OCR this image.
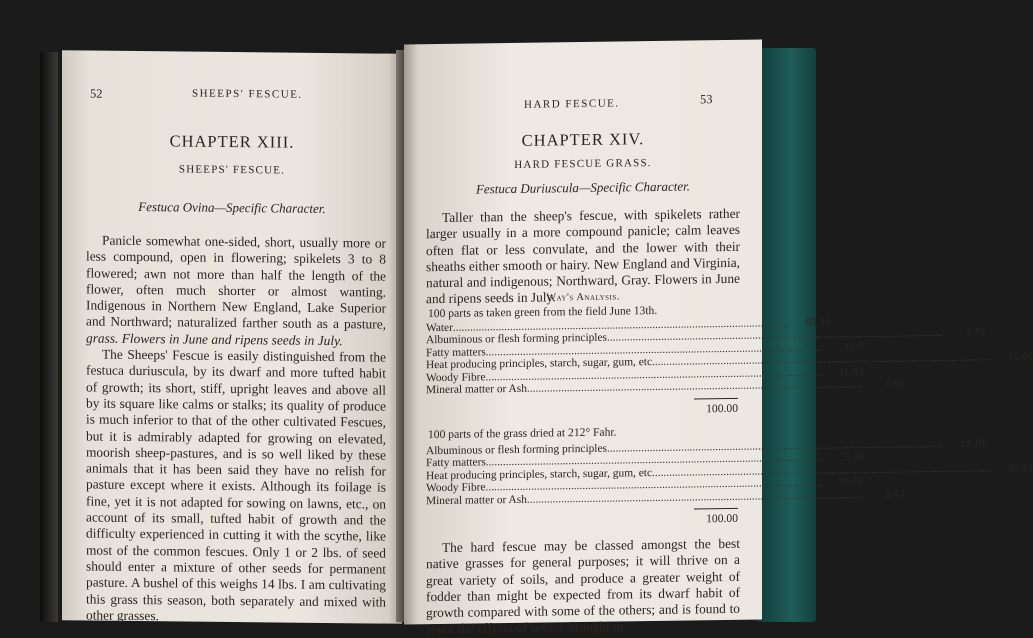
52	SHEEPS' FESCUE.
CHAPTER XIII.
SHEEPS' FESCUE.
Festuca Ovina—Specific Character.

Panicle somewhat one-sided, short, usually more or less compound, open in flowering; spikelets 3 to 8 flowered; awn not more than half the length of the flower, often much shorter or almost wanting. Indigenous in Northern New England, Lake Superior and Northward; naturalized farther south as a pasture, grass. Flowers in June and ripens seeds in July.

The Sheeps' Fescue is easily distinguished from the festuca duriuscula, by its dwarf and more tufted habit of growth; its short, stiff, upright leaves and above all by its square like calms or stalks; its quality of produce is much inferior to that of the other cultivated Fescues, but it is admirably adapted for growing on elevated, moorish sheep-pastures, and is so well liked by these animals that it has been said they have no relish for pasture except where it exists. Although its foilage is fine, yet it is not adapted for sowing on lawns, etc., on account of its small, tufted habit of growth and the difficulty experienced in cutting it with the scythe, like most of the common fescues. Only 1 or 2 lbs. of seed should enter a mixture of other seeds for permanent pasture. A bushel of this weighs 14 lbs. I am cultivating this grass this season, both separately and mixed with other grasses.

HARD FESCUE.	53
CHAPTER XIV.
HARD FESCUE GRASS.
Festuca Duriuscula—Specific Character.

Taller than the sheep's fescue, with spikelets rather larger usually in a more compound panicle; calm leaves often flat or less convulate, and the lower with their sheaths either smooth or hairy. New England and Virginia, natural and indigenous; Northward, Gray. Flowers in June and ripens seeds in July.

Way's Analysis.
100 parts as taken green from the field June 13th.
Water .....	69.33
Albuminous or flesh forming principles .....	3.70
Fatty matters .....	1.02
Heat producing principles, starch, sugar, gum, etc. .....	12.46
Woody Fibre .....	11.83
Mineral matter or Ash .....	1.66
100.00
100 parts of the grass dried at 212° Fahr.
Albuminous or flesh forming principles .....	12.10
Fatty matters .....	3.34
Heat producing principles, starch, sugar, gum, etc. .....	40.43
Woody Fibre .....	38.71
Mineral matter or Ash .....	5.42
100.00

The hard fescue may be classed amongst the best native grasses for general purposes; it will thrive on a great variety of soils, and produce a greater weight of fodder than might be expected from its dwarf habit of growth compared with some of the others; and is found to resist the effects of severe drought in
